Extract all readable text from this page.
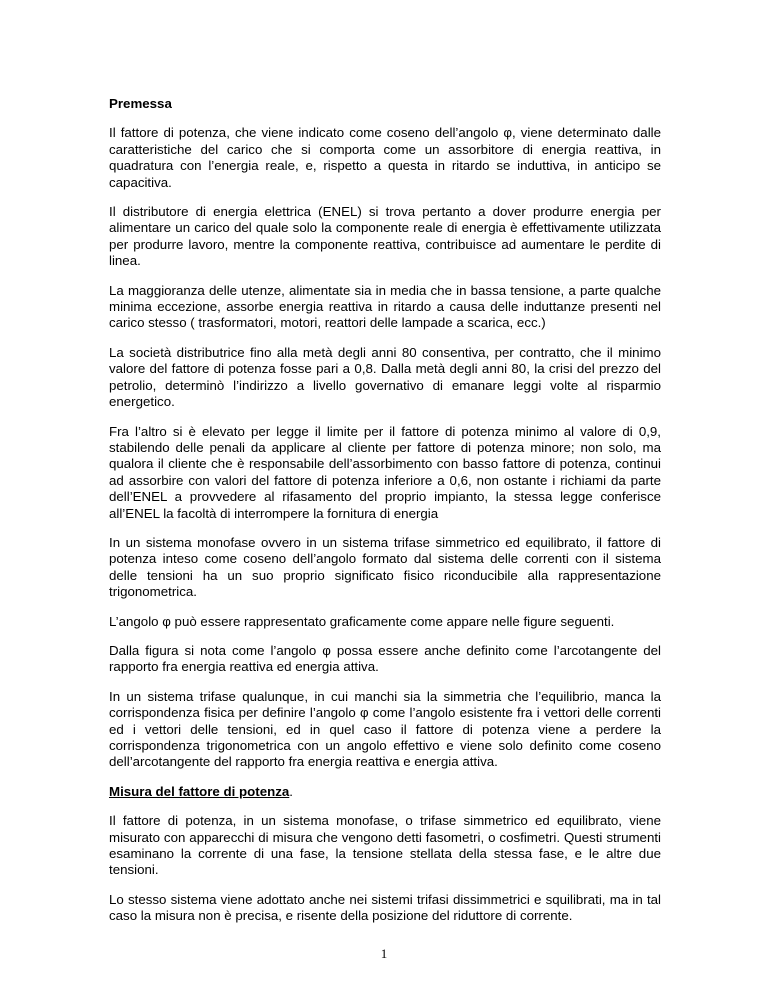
Premessa

Il fattore di potenza, che viene indicato come coseno dell’angolo φ, viene determinato dalle caratteristiche del carico che si comporta come un assorbitore di energia reattiva, in quadratura con l’energia reale, e, rispetto a questa in ritardo se induttiva, in anticipo se capacitiva.

Il distributore di energia elettrica (ENEL) si trova pertanto a dover produrre energia per alimentare un carico del quale solo la componente reale di energia è effettivamente utilizzata per produrre lavoro, mentre la componente reattiva, contribuisce ad aumentare le perdite di linea.

La maggioranza delle utenze, alimentate sia in media che in bassa tensione, a parte qualche minima eccezione, assorbe energia reattiva in ritardo a causa delle induttanze presenti nel carico stesso ( trasformatori, motori, reattori delle lampade a scarica, ecc.)

La società distributrice fino alla metà degli anni 80 consentiva, per contratto, che il minimo valore del fattore di potenza fosse pari a 0,8. Dalla metà degli anni 80, la crisi del prezzo del petrolio, determinò l’indirizzo a livello governativo di emanare leggi volte al risparmio energetico.

Fra l’altro si è elevato per legge il limite per il fattore di potenza minimo al valore di 0,9, stabilendo delle penali da applicare al cliente per fattore di potenza minore; non solo, ma qualora il cliente che è responsabile dell’assorbimento con basso fattore di potenza, continui ad assorbire con valori del fattore di potenza inferiore a 0,6, non ostante i richiami da parte dell’ENEL a provvedere al rifasamento del proprio impianto, la stessa legge conferisce all’ENEL la facoltà di interrompere la fornitura di energia

In un sistema monofase ovvero in un sistema trifase simmetrico ed equilibrato, il fattore di potenza inteso come coseno dell’angolo formato dal sistema delle correnti con il sistema delle tensioni ha un suo proprio significato fisico riconducibile alla rappresentazione trigonometrica.

L’angolo φ può essere rappresentato graficamente come appare nelle figure seguenti.

Dalla figura si nota come l’angolo φ possa essere anche definito come l’arcotangente del rapporto fra energia reattiva ed energia attiva.

In un sistema trifase qualunque, in cui manchi sia la simmetria che l’equilibrio, manca la corrispondenza fisica per definire l’angolo φ come l’angolo esistente fra i vettori delle correnti ed i vettori delle tensioni, ed in quel caso il fattore di potenza viene a perdere la corrispondenza trigonometrica con un angolo effettivo e viene solo definito come coseno dell’arcotangente del rapporto fra energia reattiva e energia attiva.

Misura del fattore di potenza.

Il fattore di potenza, in un sistema monofase, o trifase simmetrico ed equilibrato, viene misurato con apparecchi di misura che vengono detti fasometri, o cosfimetri. Questi strumenti esaminano la corrente di una fase, la tensione stellata della stessa fase, e le altre due tensioni.

Lo stesso sistema viene adottato anche nei sistemi trifasi dissimmetrici e squilibrati, ma in tal caso la misura non è precisa, e risente della posizione del riduttore di corrente.

1
